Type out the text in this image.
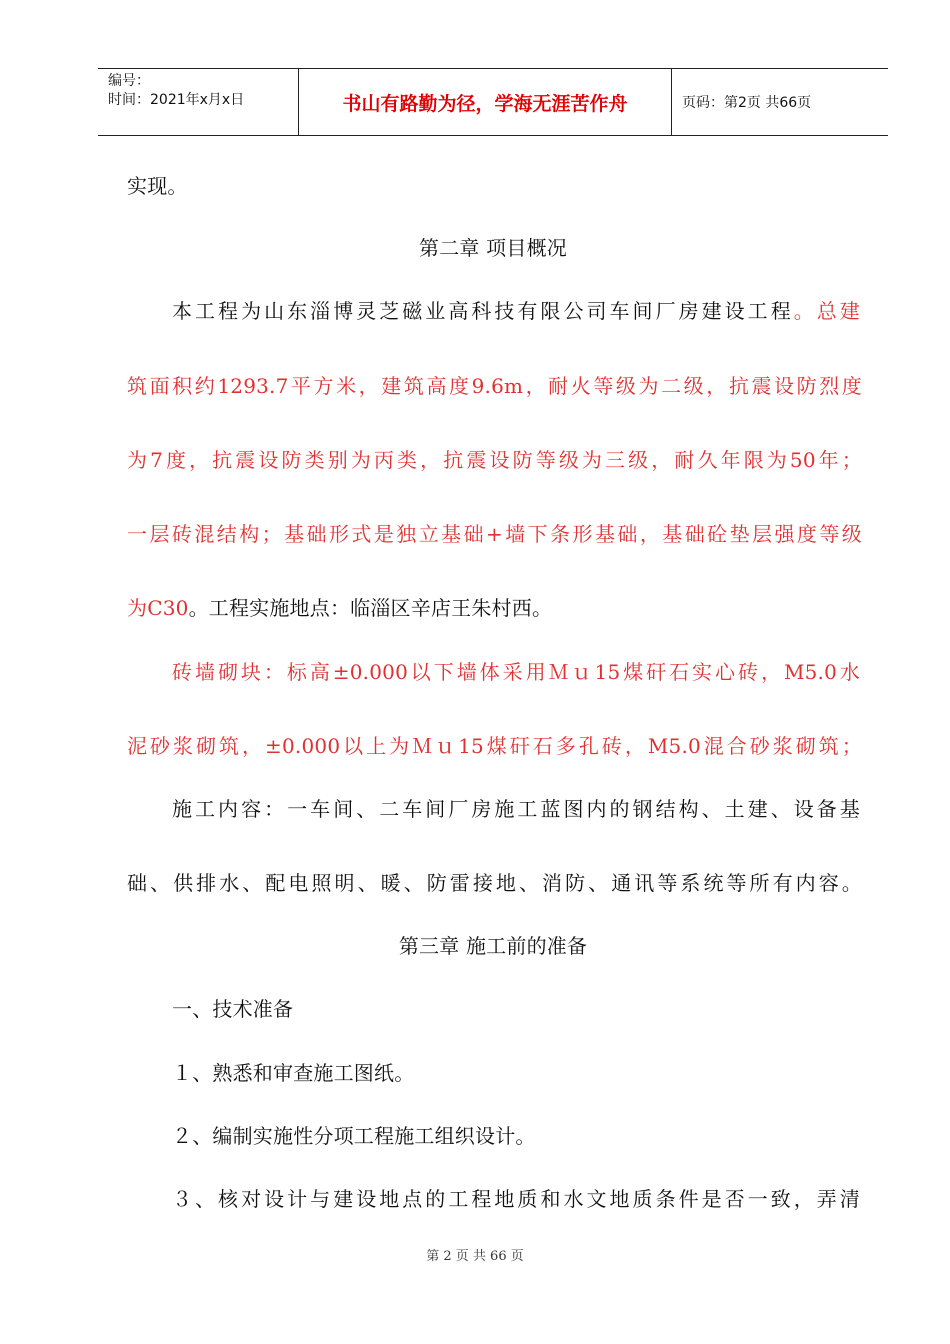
编号：
时间：2021年x月x日	书山有路勤为径，学海无涯苦作舟	页码：第2页 共66页
实现。
第二章 项目概况
本工程为山东淄博灵芝磁业高科技有限公司车间厂房建设工程。总建
筑面积约1293.7平方米，建筑高度9.6m，耐火等级为二级，抗震设防烈度
为7度，抗震设防类别为丙类，抗震设防等级为三级，耐久年限为50年；
一层砖混结构；基础形式是独立基础+墙下条形基础，基础砼垫层强度等级
为C30。工程实施地点：临淄区辛店王朱村西。
砖墙砌块：标高±0.000以下墙体采用Ｍｕ15煤矸石实心砖，M5.0水
泥砂浆砌筑，±0.000以上为Ｍｕ15煤矸石多孔砖，M5.0混合砂浆砌筑；
施工内容：一车间、二车间厂房施工蓝图内的钢结构、土建、设备基
础、供排水、配电照明、暖、防雷接地、消防、通讯等系统等所有内容。
第三章 施工前的准备
一、技术准备
１、熟悉和审查施工图纸。
２、编制实施性分项工程施工组织设计。
３、核对设计与建设地点的工程地质和水文地质条件是否一致，弄清
第 2 页 共 66 页
